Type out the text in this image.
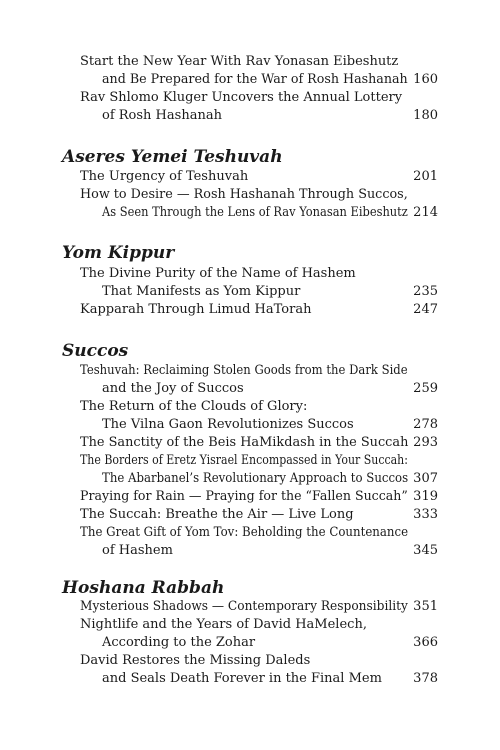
Start the New Year With Rav Yonasan Eibeshutz
and Be Prepared for the War of Rosh Hashanah 160
Rav Shlomo Kluger Uncovers the Annual Lottery
of Rosh Hashanah	180
Aseres Yemei Teshuvah
The Urgency of Teshuvah	201
How to Desire — Rosh Hashanah Through Succos,
As Seen Through the Lens of Rav Yonasan Eibeshutz 214
Yom Kippur
The Divine Purity of the Name of Hashem
That Manifests as Yom Kippur	235
Kapparah Through Limud HaTorah	247
Succos
Teshuvah: Reclaiming Stolen Goods from the Dark Side
and the Joy of Succos	259
The Return of the Clouds of Glory:
The Vilna Gaon Revolutionizes Succos	278
The Sanctity of the Beis HaMikdash in the Succah 293
The Borders of Eretz Yisrael Encompassed in Your Succah:
The Abarbanel’s Revolutionary Approach to Succos 307
Praying for Rain — Praying for the “Fallen Succah” 319
The Succah: Breathe the Air — Live Long	333
The Great Gift of Yom Tov: Beholding the Countenance
of Hashem	345
Hoshana Rabbah
Mysterious Shadows — Contemporary Responsibility 351
Nightlife and the Years of David HaMelech,
According to the Zohar	366
David Restores the Missing Daleds
and Seals Death Forever in the Final Mem 378
